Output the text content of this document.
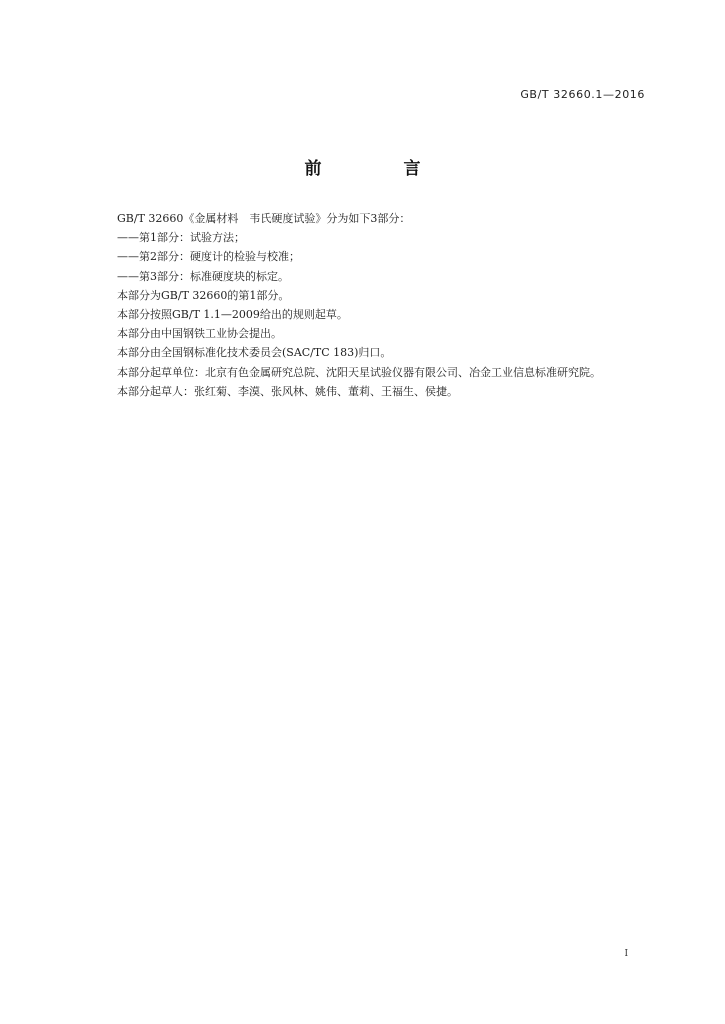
GB/T 32660.1—2016
前 言

GB/T 32660《金属材料　韦氏硬度试验》分为如下3部分：

——第1部分：试验方法；

——第2部分：硬度计的检验与校准；

——第3部分：标准硬度块的标定。

本部分为GB/T 32660的第1部分。

本部分按照GB/T 1.1—2009给出的规则起草。

本部分由中国钢铁工业协会提出。

本部分由全国钢标准化技术委员会(SAC/TC 183)归口。

本部分起草单位：北京有色金属研究总院、沈阳天星试验仪器有限公司、冶金工业信息标准研究院。

本部分起草人：张红菊、李漠、张风林、姚伟、董莉、王福生、侯捷。

I
